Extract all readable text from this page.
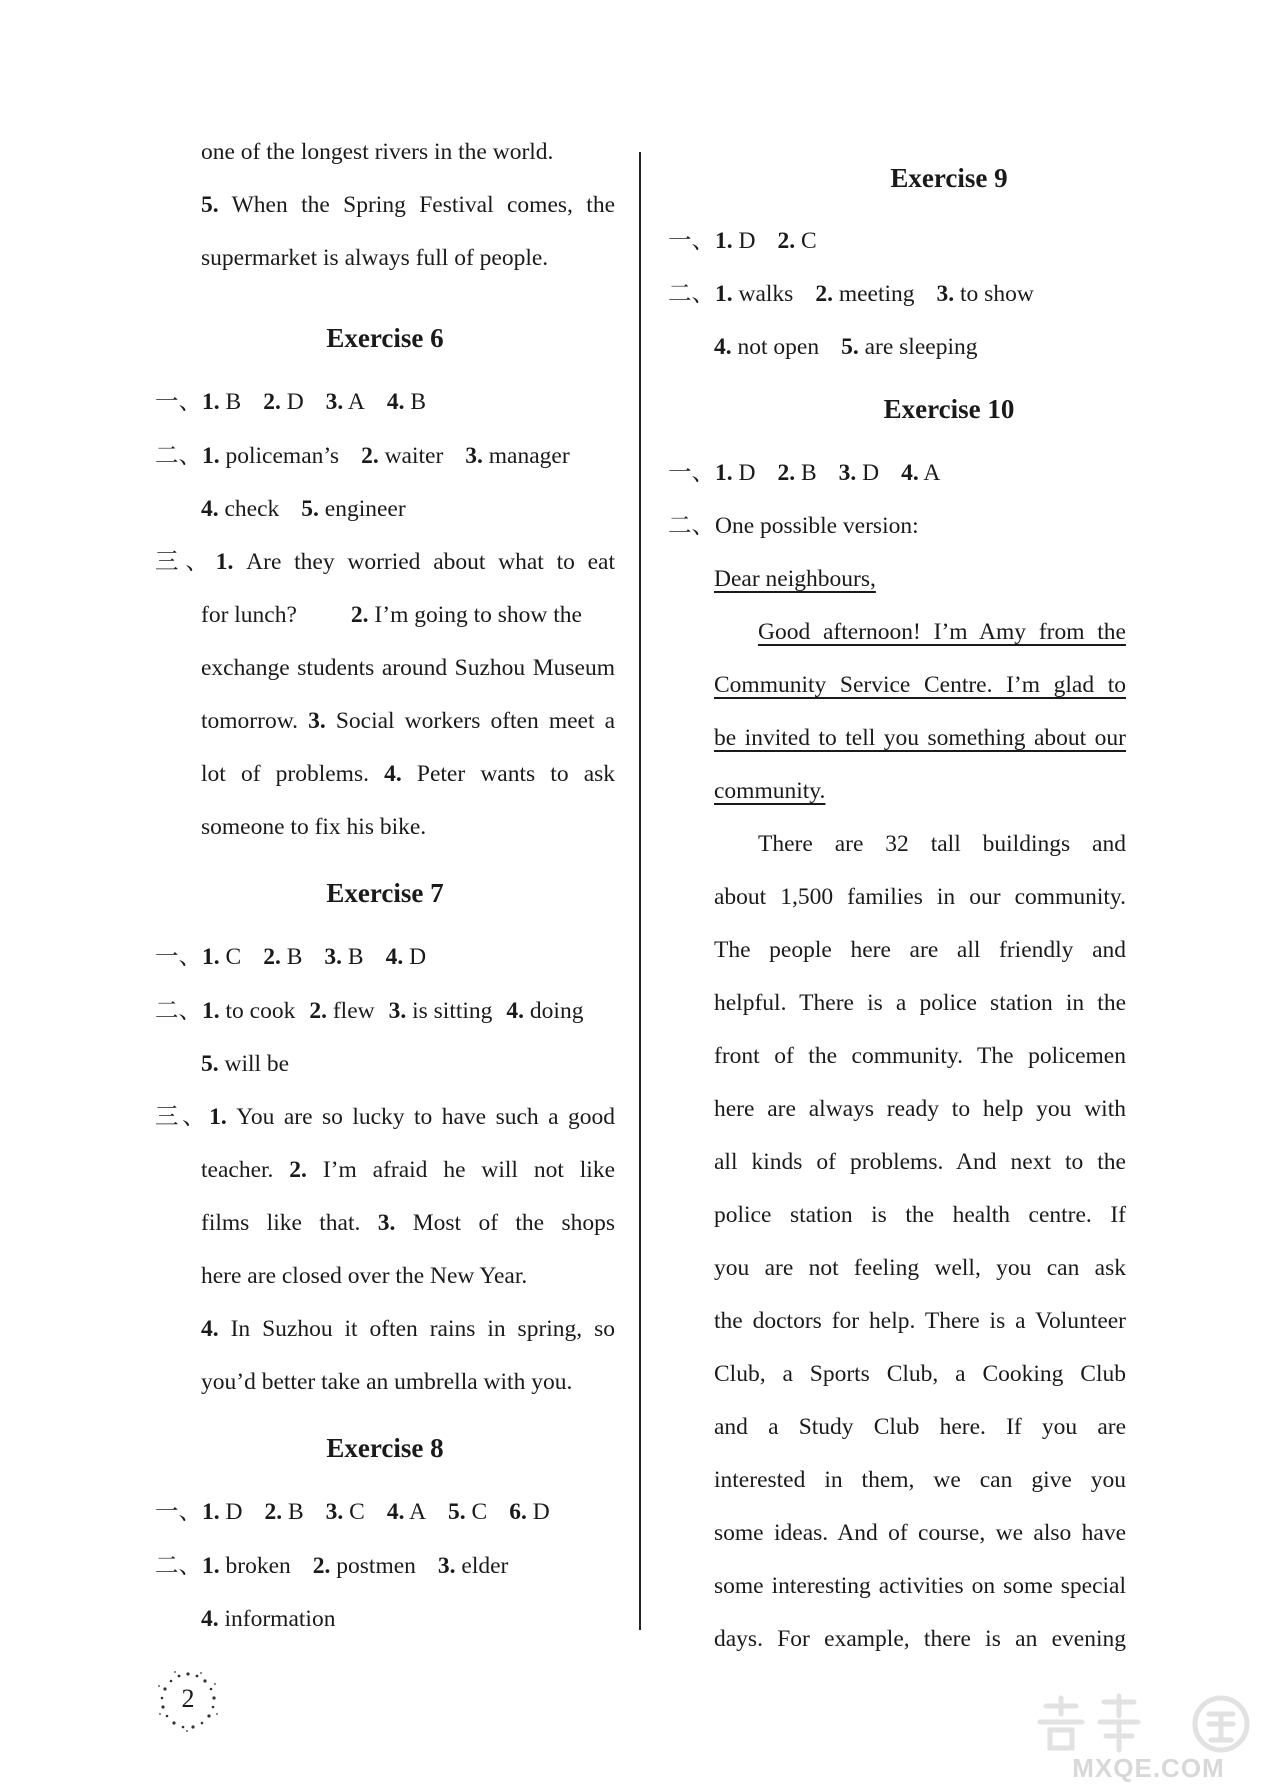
one of the longest rivers in the world.
5. When the Spring Festival comes, the
supermarket is always full of people.
Exercise 6
一、1. B 2. D 3. A 4. B
二、1. policeman’s 2. waiter 3. manager
4. check 5. engineer
三、1. Are they worried about what to eat
for lunch? 2. I’m going to show the
exchange students around Suzhou Museum
tomorrow. 3. Social workers often meet a
lot of problems. 4. Peter wants to ask
someone to fix his bike.
Exercise 7
一、1. C 2. B 3. B 4. D
二、1. to cook 2. flew 3. is sitting 4. doing
5. will be
三、1. You are so lucky to have such a good
teacher. 2. I’m afraid he will not like
films like that. 3. Most of the shops
here are closed over the New Year.
4. In Suzhou it often rains in spring, so
you’d better take an umbrella with you.
Exercise 8
一、1. D 2. B 3. C 4. A 5. C 6. D
二、1. broken 2. postmen 3. elder
4. information
Exercise 9
一、1. D 2. C
二、1. walks 2. meeting 3. to show
4. not open 5. are sleeping
Exercise 10
一、1. D 2. B 3. D 4. A
二、One possible version:
Dear neighbours,
Good afternoon! I’m Amy from the
Community Service Centre. I’m glad to
be invited to tell you something about our
community.
There are 32 tall buildings and
about 1,500 families in our community.
The people here are all friendly and
helpful. There is a police station in the
front of the community. The policemen
here are always ready to help you with
all kinds of problems. And next to the
police station is the health centre. If
you are not feeling well, you can ask
the doctors for help. There is a Volunteer
Club, a Sports Club, a Cooking Club
and a Study Club here. If you are
interested in them, we can give you
some ideas. And of course, we also have
some interesting activities on some special
days. For example, there is an evening
2
MXQE.COM
